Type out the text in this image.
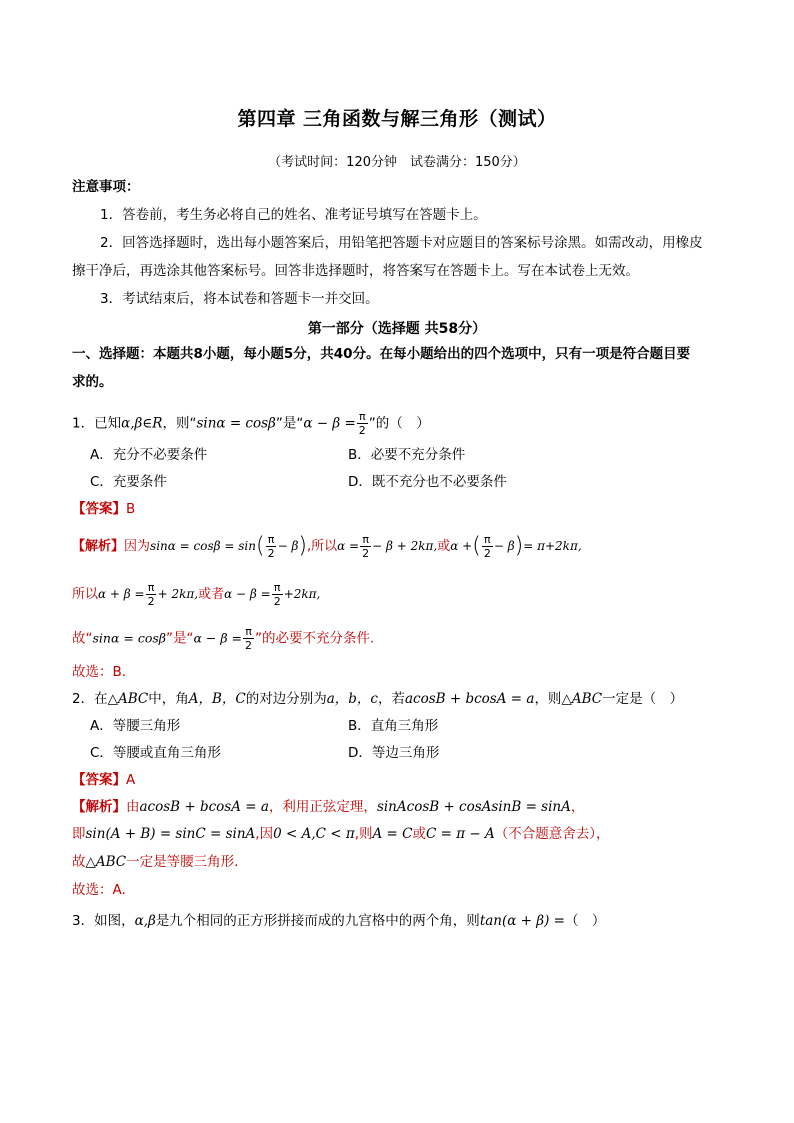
第四章 三角函数与解三角形（测试）
（考试时间：120分钟　试卷满分：150分）
注意事项：
1．答卷前，考生务必将自己的姓名、准考证号填写在答题卡上。
2．回答选择题时，选出每小题答案后，用铅笔把答题卡对应题目的答案标号涂黑。如需改动，用橡皮
擦干净后，再选涂其他答案标号。回答非选择题时，将答案写在答题卡上。写在本试卷上无效。
3．考试结束后，将本试卷和答题卡一并交回。
第一部分（选择题 共58分）
一、选择题：本题共8小题，每小题5分，共40分。在每小题给出的四个选项中，只有一项是符合题目要
求的。
1．已知α,β∈R，则“sinα = cosβ”是“$\alpha - \beta = \frac{\pi}{2}$ ”的（　）
A．充分不必要条件	B．必要不充分条件
C．充要条件	D．既不充分也不必要条件
【答案】B
【解析】因为$\sin\alpha = \cos\beta = \sin( \frac{\pi}{2} - \beta)$,所以$\alpha = \frac{\pi}{2} - \beta + 2k\pi$,或α +( $\frac{\pi}{2} - \beta)= \pi+2k\pi$,
所以$\alpha + \beta = \frac{\pi}{2} + 2k\pi$,或者$\alpha - \beta = \frac{\pi}{2} +2k\pi$,
故“sinα = cosβ”是“$\alpha - \beta = \frac{\pi}{2}$ ”的必要不充分条件.
故选：B.
2．在△ABC中，角A，B，C的对边分别为a，b，c，若acosB + bcosA = a，则△ABC一定是（　）
A．等腰三角形	B．直角三角形
C．等腰或直角三角形	D．等边三角形
【答案】A
【解析】由acosB + bcosA = a，利用正弦定理，sinAcosB + cosAsinB = sinA，
即sin(A + B) = sinC = sinA,因0 < A,C < π,则A = C或C = π − A（不合题意舍去），
故△ABC一定是等腰三角形.
故选：A.
3．如图，α,β是九个相同的正方形拼接而成的九宫格中的两个角，则tan(α + β) =（　）
